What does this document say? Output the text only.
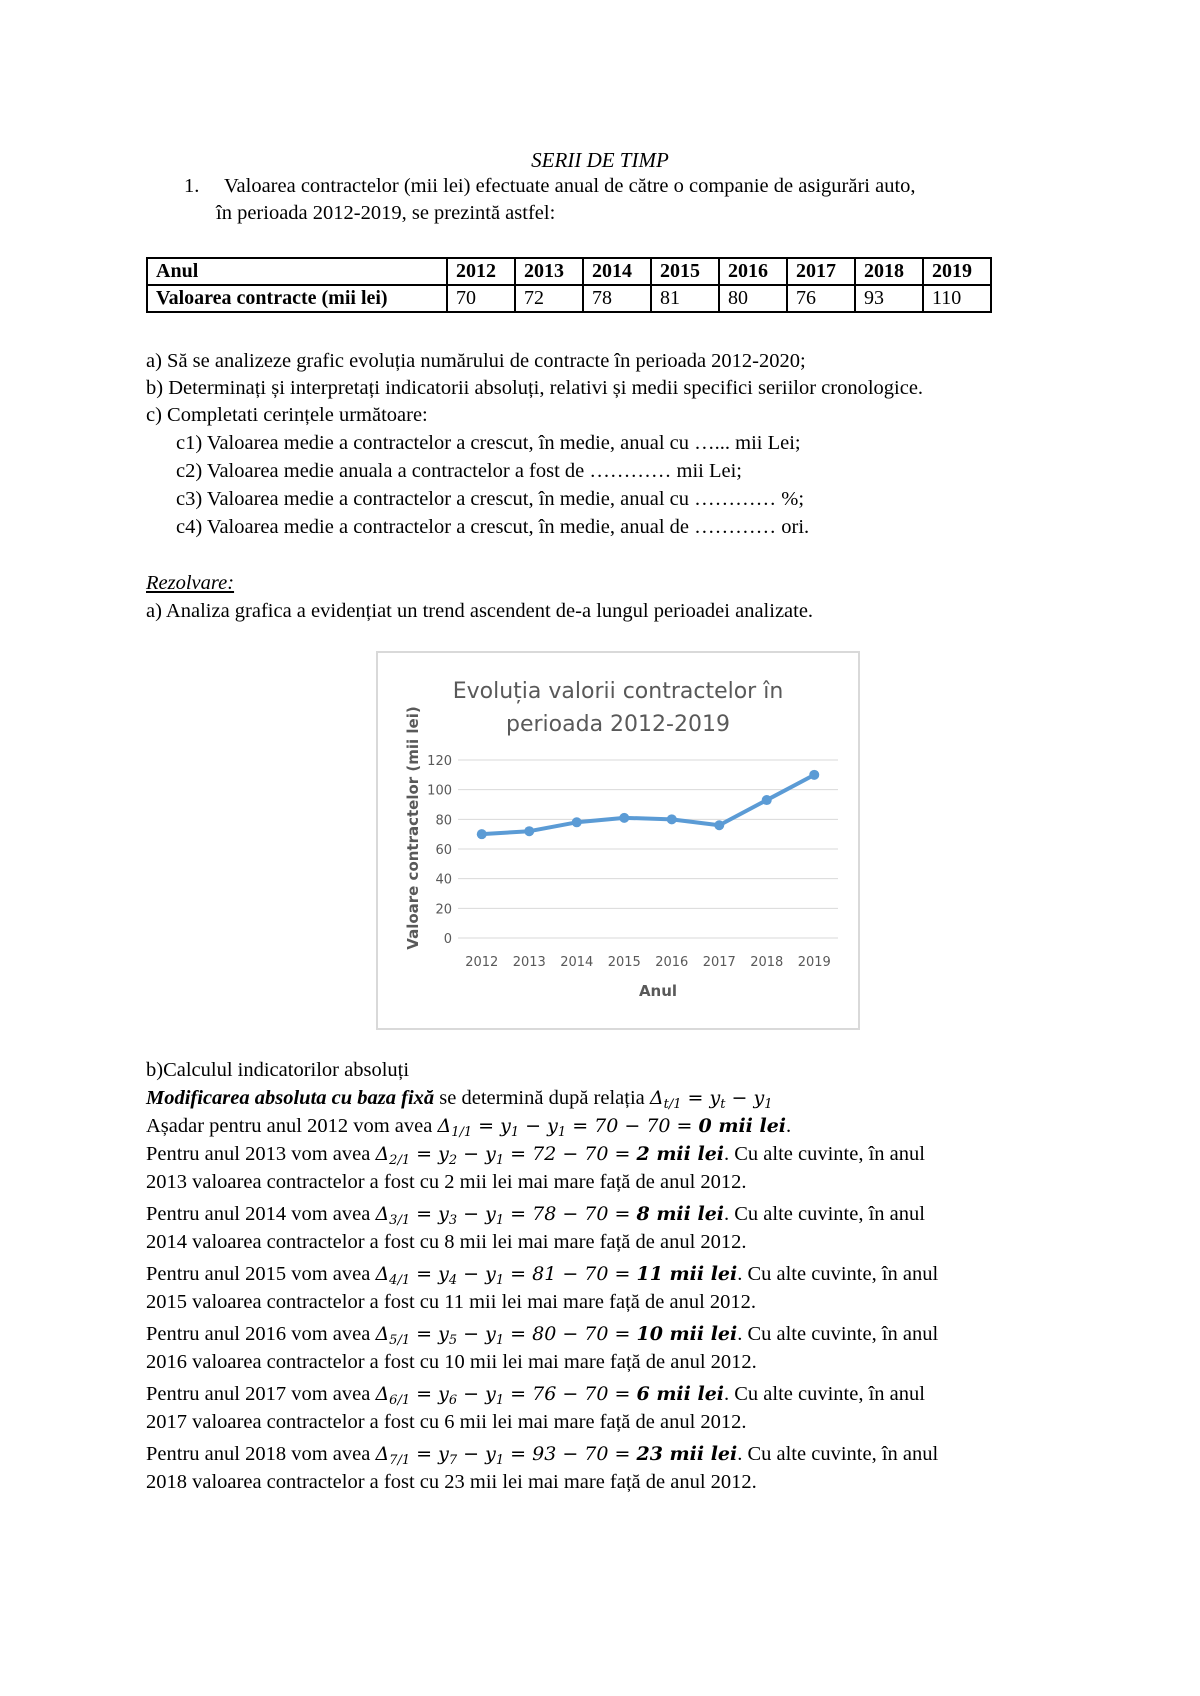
SERII DE TIMP
1. Valoarea contractelor (mii lei) efectuate anual de către o companie de asigurări auto,
în perioada 2012-2019, se prezintă astfel:
Anul	2012	2013	2014	2015	2016	2017	2018	2019
Valoarea contracte (mii lei)	70	72	78	81	80	76	93	110
a) Să se analizeze grafic evoluția numărului de contracte în perioada 2012-2020;
b) Determinați și interpretați indicatorii absoluți, relativi și medii specifici seriilor cronologice.
c) Completati cerințele următoare:
c1) Valoarea medie a contractelor a crescut, în medie, anual cu …... mii Lei;
c2) Valoarea medie anuala a contractelor a fost de ………… mii Lei;
c3) Valoarea medie a contractelor a crescut, în medie, anual cu ………… %;
c4) Valoarea medie a contractelor a crescut, în medie, anual de ………… ori.
Rezolvare:
a) Analiza grafica a evidențiat un trend ascendent de-a lungul perioadei analizate.
Evoluția valorii contractelor în
perioada 2012-2019
Valoare contractelor (mii lei)
Anul
0
20
40
60
80
100
120
2012 2013 2014 2015 2016 2017 2018 2019
b)Calculul indicatorilor absoluți
Modificarea absoluta cu baza fixă se determină după relația $\Delta_{t/1} = y_t - y_1$
Așadar pentru anul 2012 vom avea $\Delta_{1/1} = y_1 - y_1 = 70 - 70 = 0$ mii lei.
Pentru anul 2013 vom avea $\Delta_{2/1} = y_2 - y_1 = 72 - 70 = 2$ mii lei. Cu alte cuvinte, în anul
2013 valoarea contractelor a fost cu 2 mii lei mai mare față de anul 2012.
Pentru anul 2014 vom avea $\Delta_{3/1} = y_3 - y_1 = 78 - 70 = 8$ mii lei. Cu alte cuvinte, în anul
2014 valoarea contractelor a fost cu 8 mii lei mai mare față de anul 2012.
Pentru anul 2015 vom avea $\Delta_{4/1} = y_4 - y_1 = 81 - 70 = 11$ mii lei. Cu alte cuvinte, în anul
2015 valoarea contractelor a fost cu 11 mii lei mai mare față de anul 2012.
Pentru anul 2016 vom avea $\Delta_{5/1} = y_5 - y_1 = 80 - 70 = 10$ mii lei. Cu alte cuvinte, în anul
2016 valoarea contractelor a fost cu 10 mii lei mai mare față de anul 2012.
Pentru anul 2017 vom avea $\Delta_{6/1} = y_6 - y_1 = 76 - 70 = 6$ mii lei. Cu alte cuvinte, în anul
2017 valoarea contractelor a fost cu 6 mii lei mai mare față de anul 2012.
Pentru anul 2018 vom avea $\Delta_{7/1} = y_7 - y_1 = 93 - 70 = 23$ mii lei. Cu alte cuvinte, în anul
2018 valoarea contractelor a fost cu 23 mii lei mai mare față de anul 2012.
